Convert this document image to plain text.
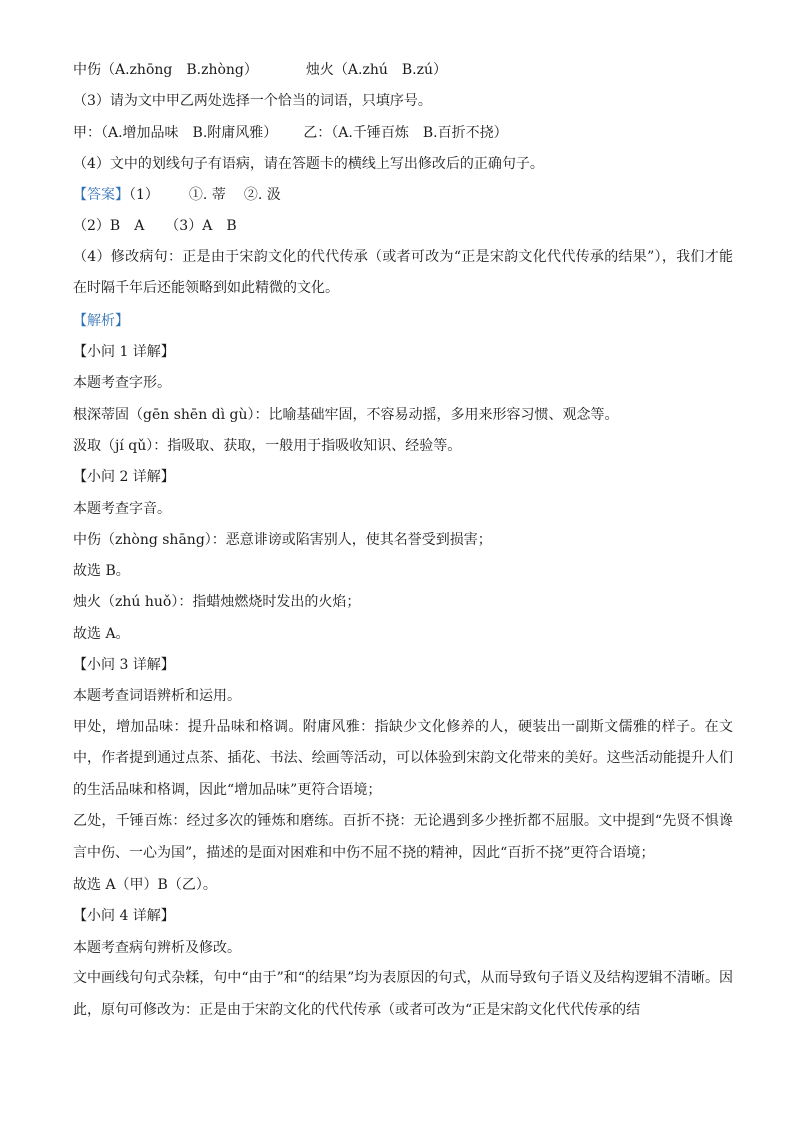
中伤（A.zhōng　B.zhòng）	烛火（A.zhú　B.zú）
（3）请为文中甲乙两处选择一个恰当的词语，只填序号。
甲：（A.增加品味　B.附庸风雅） 乙：（A.千锤百炼　B.百折不挠）
（4）文中的划线句子有语病，请在答题卡的横线上写出修改后的正确句子。
【答案】（1） ①. 蒂 ②. 汲
（2）B　A　　（3）A　B
（4）修改病句：正是由于宋韵文化的代代传承（或者可改为“正是宋韵文化代代传承的结果”），我们才能在时隔千年后还能领略到如此精微的文化。
【解析】
【小问 1 详解】
本题考查字形。
根深蒂固（gēn shēn dì gù）：比喻基础牢固，不容易动摇，多用来形容习惯、观念等。
汲取（jí qǔ）：指吸取、获取，一般用于指吸收知识、经验等。
【小问 2 详解】
本题考查字音。
中伤（zhòng shāng）：恶意诽谤或陷害别人，使其名誉受到损害；
故选 B。
烛火（zhú huǒ）：指蜡烛燃烧时发出的火焰；
故选 A。
【小问 3 详解】
本题考查词语辨析和运用。
甲处，增加品味：提升品味和格调。附庸风雅：指缺少文化修养的人，硬装出一副斯文儒雅的样子。在文中，作者提到通过点茶、插花、书法、绘画等活动，可以体验到宋韵文化带来的美好。这些活动能提升人们的生活品味和格调，因此“增加品味”更符合语境；
乙处，千锤百炼：经过多次的锤炼和磨练。百折不挠：无论遇到多少挫折都不屈服。文中提到“先贤不惧谗言中伤、一心为国”，描述的是面对困难和中伤不屈不挠的精神，因此“百折不挠”更符合语境；
故选 A（甲）B（乙）。
【小问 4 详解】
本题考查病句辨析及修改。
文中画线句句式杂糅，句中“由于”和“的结果”均为表原因的句式，从而导致句子语义及结构逻辑不清晰。因此，原句可修改为：正是由于宋韵文化的代代传承（或者可改为“正是宋韵文化代代传承的结
